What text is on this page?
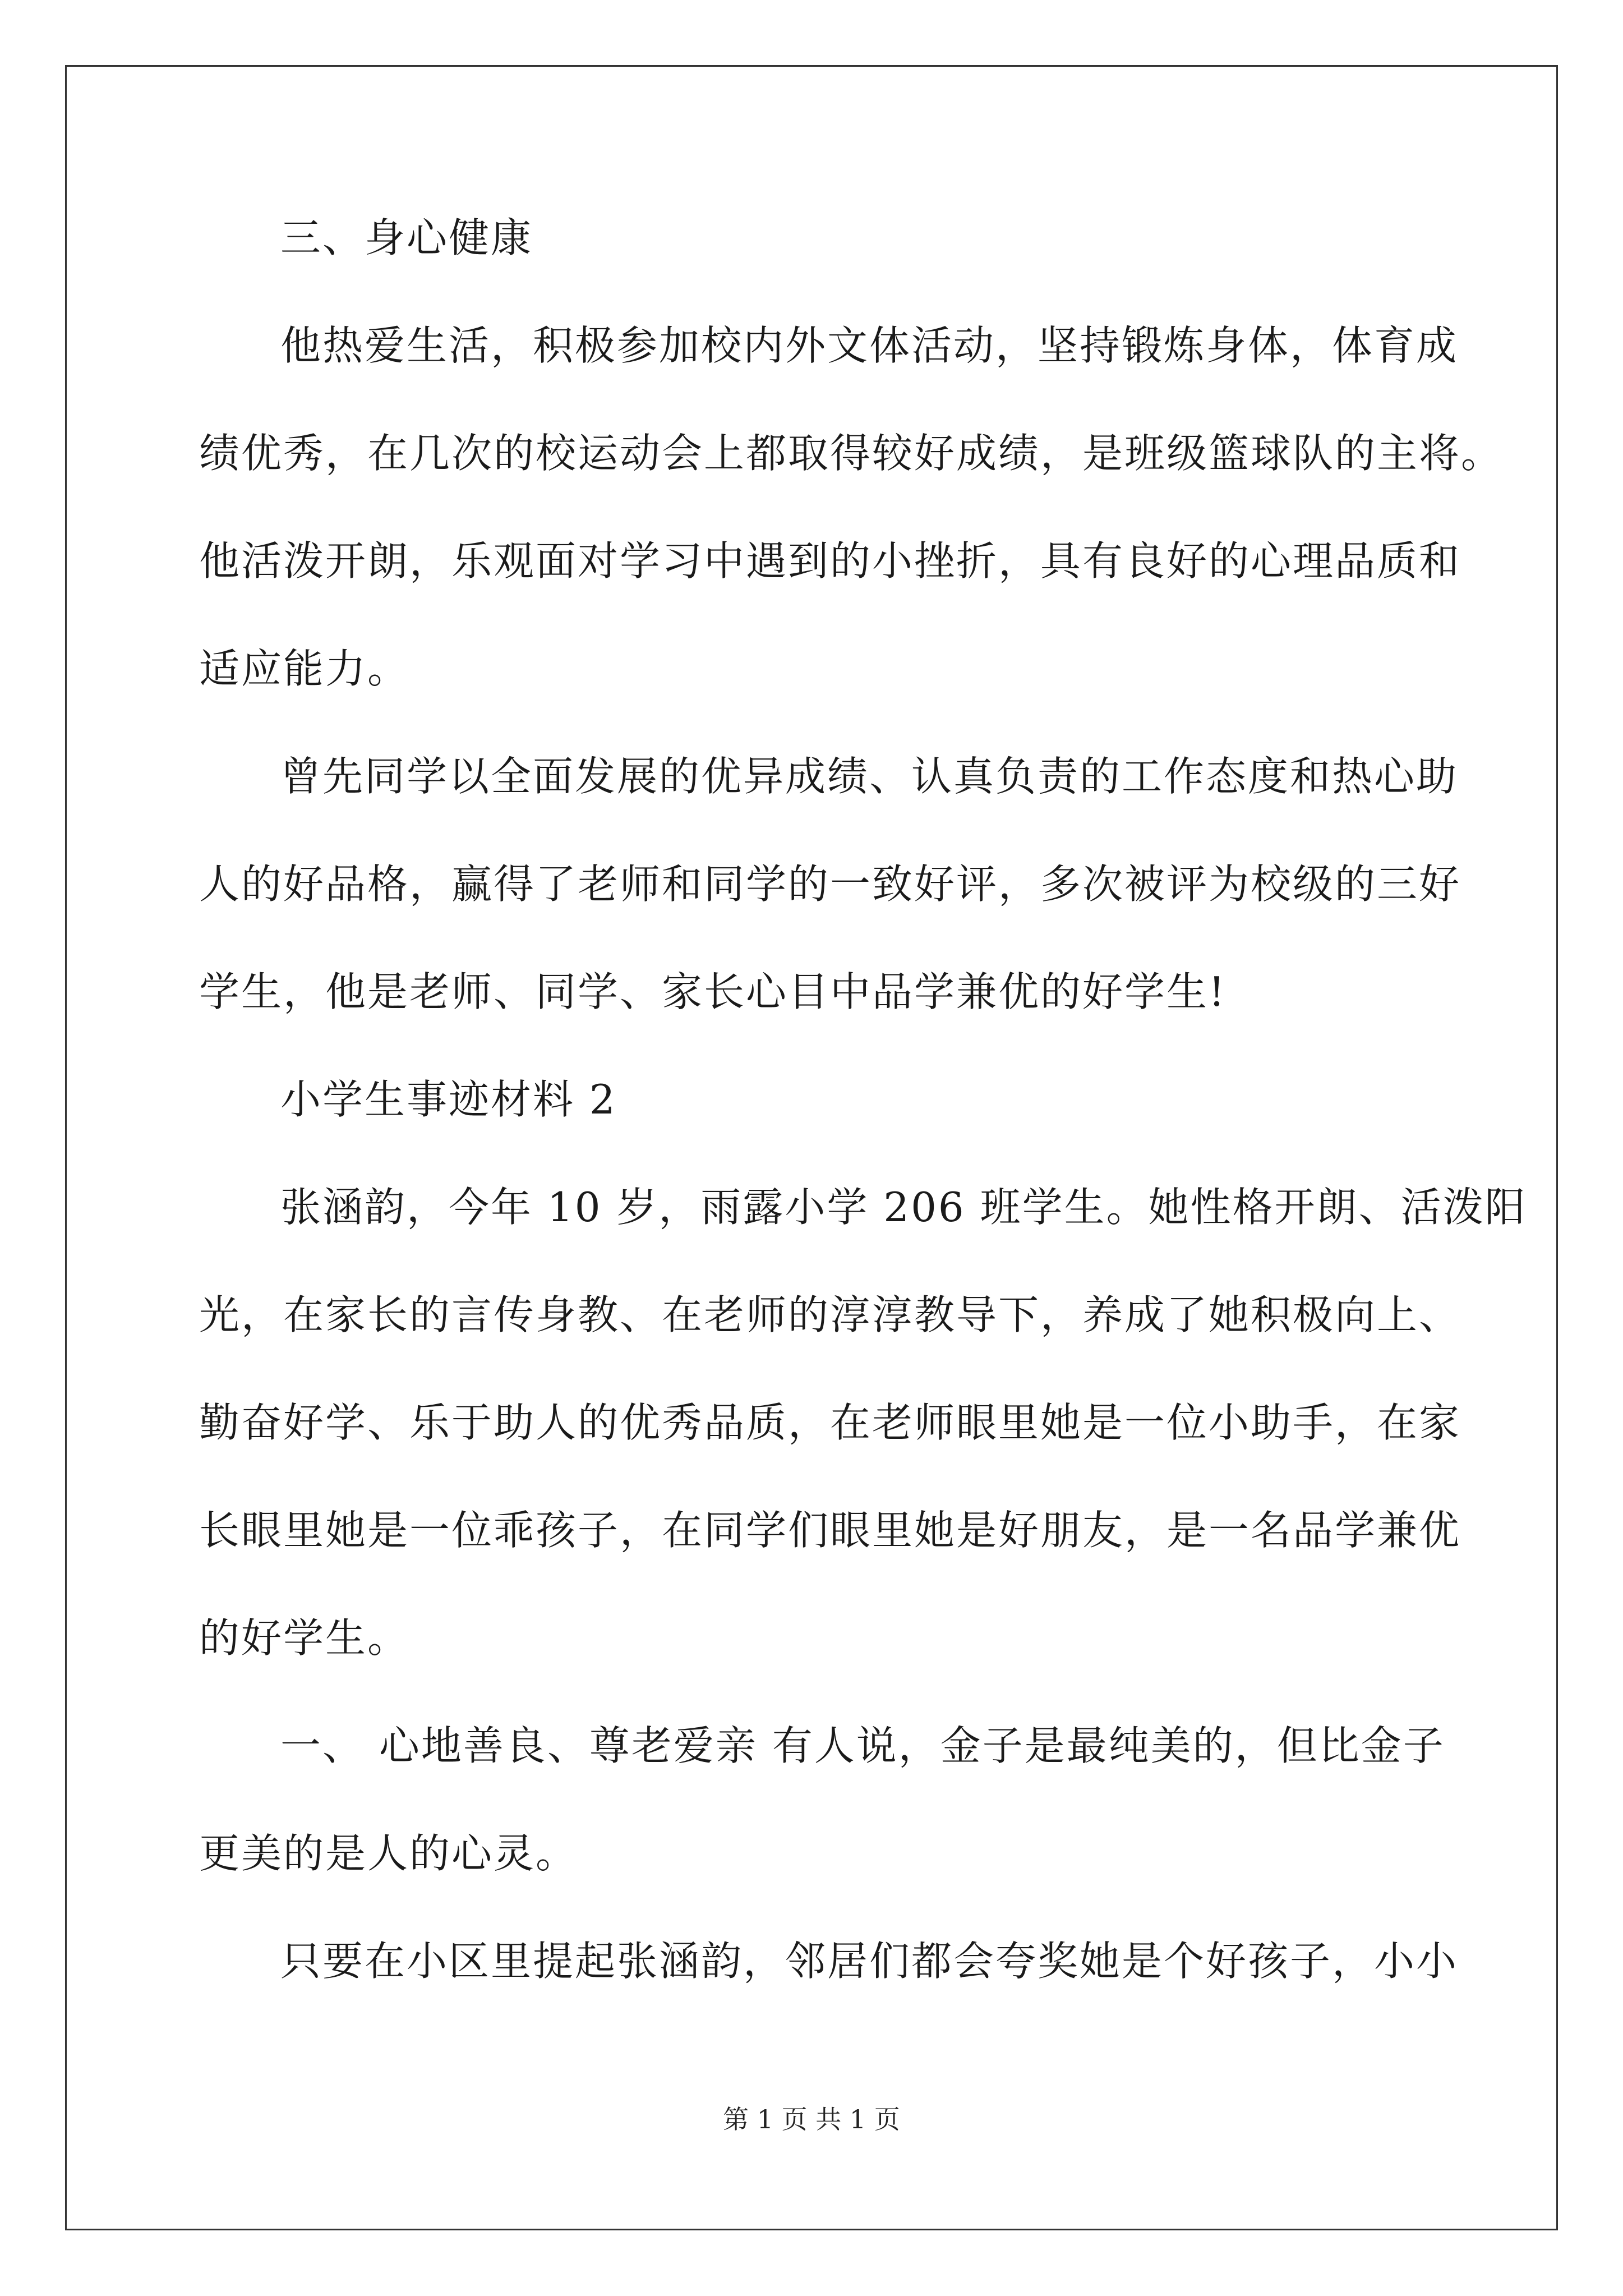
三、身心健康
他热爱生活，积极参加校内外文体活动，坚持锻炼身体，体育成
绩优秀，在几次的校运动会上都取得较好成绩，是班级篮球队的主将。
他活泼开朗，乐观面对学习中遇到的小挫折，具有良好的心理品质和
适应能力。
曾先同学以全面发展的优异成绩、认真负责的工作态度和热心助
人的好品格，赢得了老师和同学的一致好评，多次被评为校级的三好
学生，他是老师、同学、家长心目中品学兼优的好学生!
小学生事迹材料 2
张涵韵，今年 10 岁，雨露小学 206 班学生。她性格开朗、活泼阳
光，在家长的言传身教、在老师的淳淳教导下，养成了她积极向上、
勤奋好学、乐于助人的优秀品质，在老师眼里她是一位小助手，在家
长眼里她是一位乖孩子，在同学们眼里她是好朋友，是一名品学兼优
的好学生。
一、 心地善良、尊老爱亲 有人说，金子是最纯美的，但比金子
更美的是人的心灵。
只要在小区里提起张涵韵，邻居们都会夸奖她是个好孩子，小小
第 1 页 共 1 页
